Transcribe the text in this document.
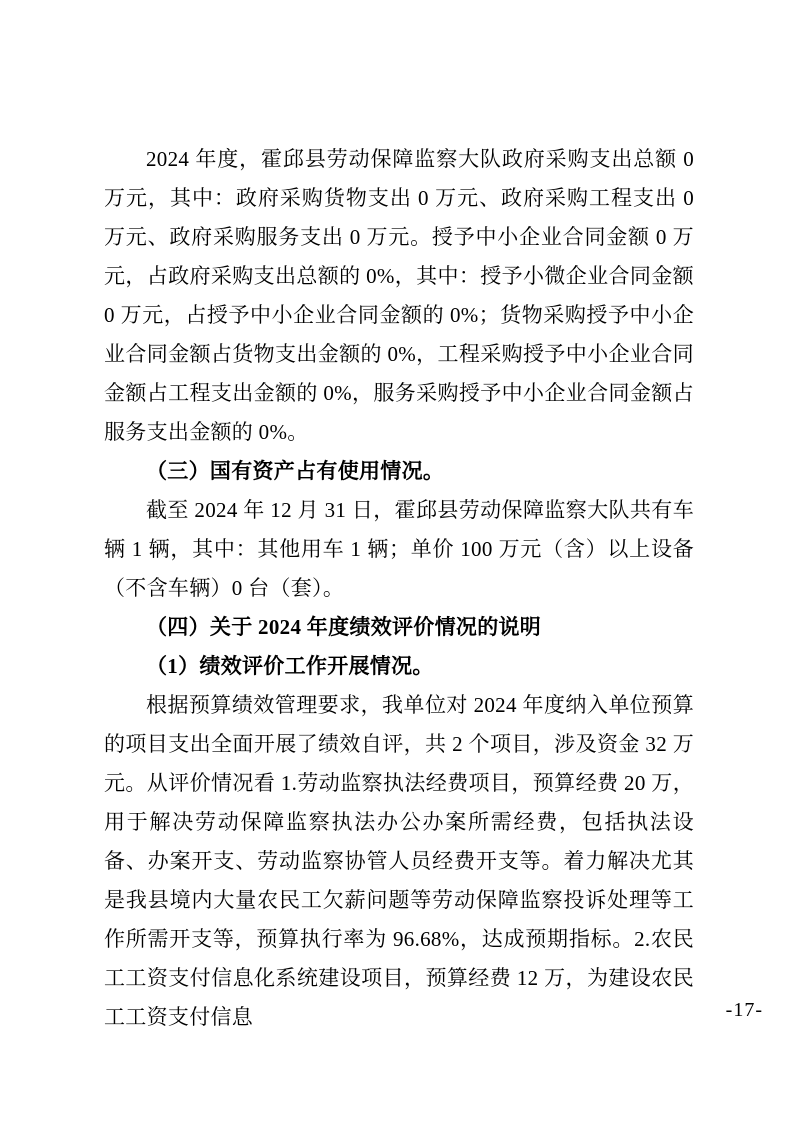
2024 年度，霍邱县劳动保障监察大队政府采购支出总额 0 万元，其中：政府采购货物支出 0 万元、政府采购工程支出 0 万元、政府采购服务支出 0 万元。授予中小企业合同金额 0 万元，占政府采购支出总额的 0%，其中：授予小微企业合同金额 0 万元，占授予中小企业合同金额的 0%；货物采购授予中小企业合同金额占货物支出金额的 0%，工程采购授予中小企业合同金额占工程支出金额的 0%，服务采购授予中小企业合同金额占服务支出金额的 0%。

（三）国有资产占有使用情况。

截至 2024 年 12 月 31 日，霍邱县劳动保障监察大队共有车辆 1 辆，其中：其他用车 1 辆；单价 100 万元（含）以上设备（不含车辆）0 台（套）。

（四）关于 2024 年度绩效评价情况的说明

（1）绩效评价工作开展情况。

根据预算绩效管理要求，我单位对 2024 年度纳入单位预算的项目支出全面开展了绩效自评，共 2 个项目，涉及资金 32 万元。从评价情况看 1.劳动监察执法经费项目，预算经费 20 万，用于解决劳动保障监察执法办公办案所需经费，包括执法设备、办案开支、劳动监察协管人员经费开支等。着力解决尤其是我县境内大量农民工欠薪问题等劳动保障监察投诉处理等工作所需开支等，预算执行率为 96.68%，达成预期指标。2.农民工工资支付信息化系统建设项目，预算经费 12 万，为建设农民工工资支付信息	-17-
